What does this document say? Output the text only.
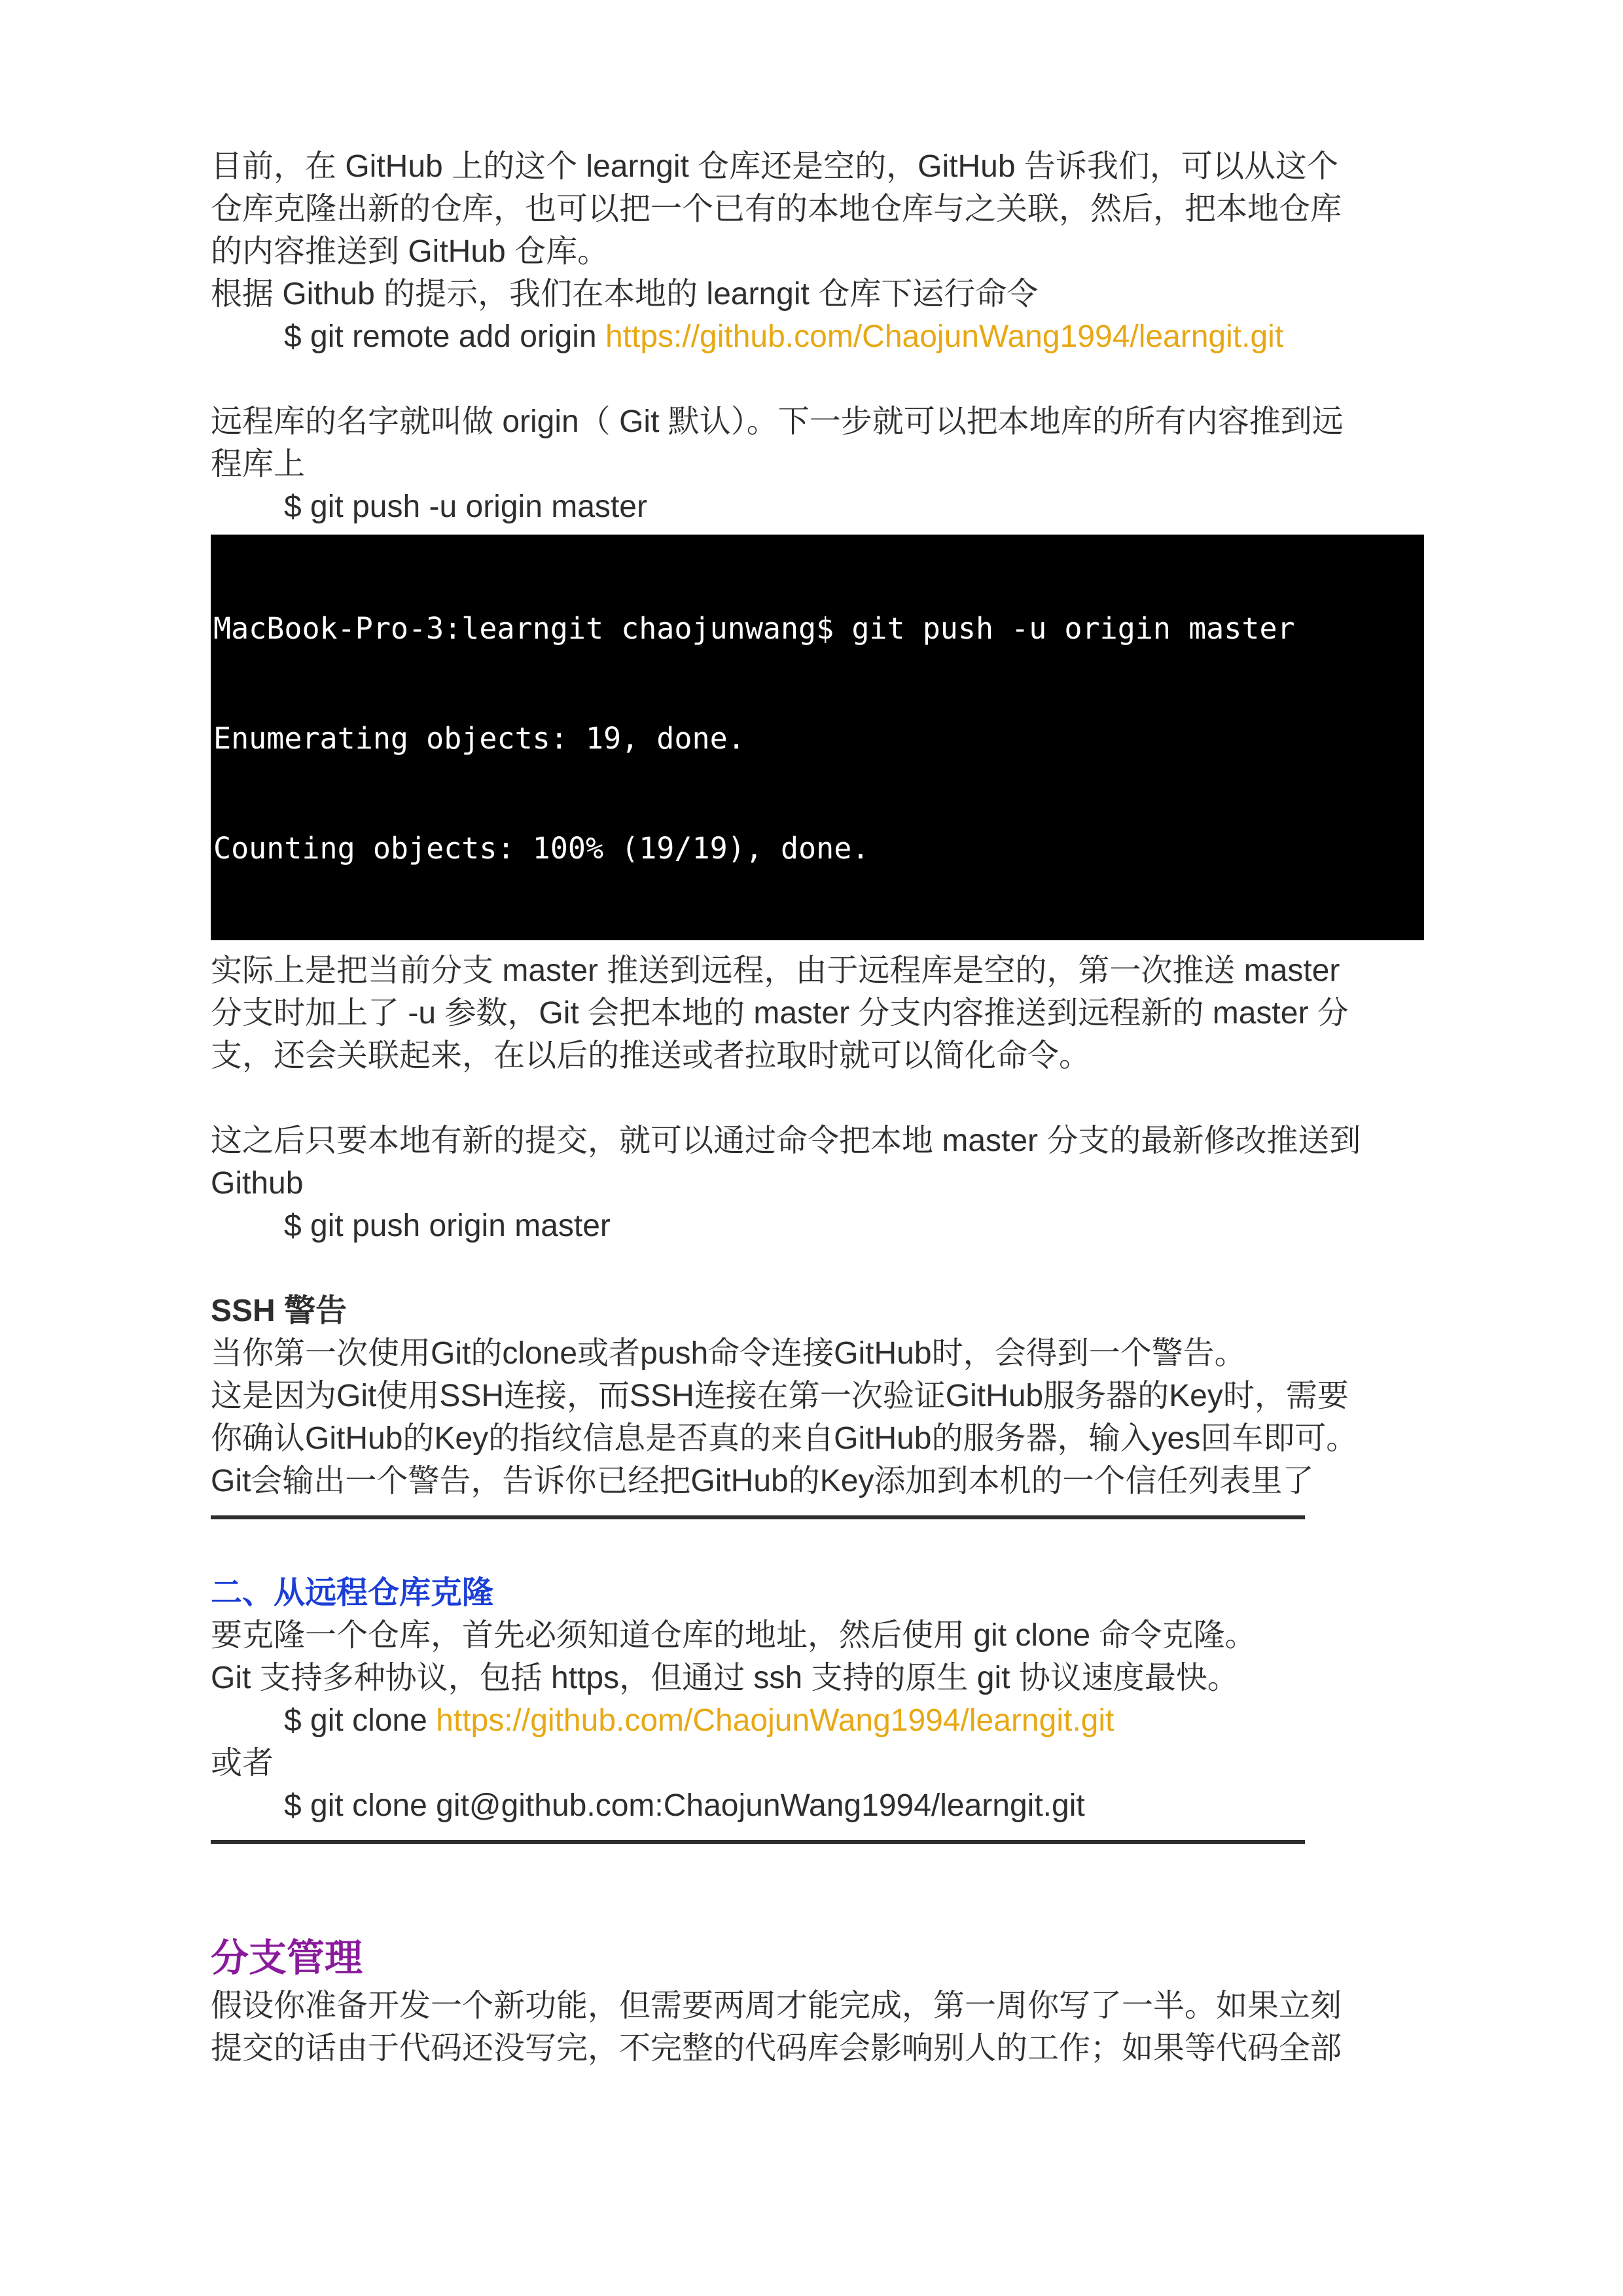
目前，在 GitHub 上的这个 learngit 仓库还是空的，GitHub 告诉我们，可以从这个

仓库克隆出新的仓库，也可以把一个已有的本地仓库与之关联，然后，把本地仓库

的内容推送到 GitHub 仓库。

根据 Github 的提示，我们在本地的 learngit 仓库下运行命令

$ git remote add origin https://github.com/ChaojunWang1994/learngit.git

远程库的名字就叫做 origin（ Git 默认）。下一步就可以把本地库的所有内容推到远

程库上

$ git push -u origin master

MacBook-Pro-3:learngit chaojunwang$ git push -u origin master

Enumerating objects: 19, done.

Counting objects: 100% (19/19), done.

实际上是把当前分支 master 推送到远程，由于远程库是空的，第一次推送 master

分支时加上了 -u 参数，Git 会把本地的 master 分支内容推送到远程新的 master 分

支，还会关联起来，在以后的推送或者拉取时就可以简化命令。

这之后只要本地有新的提交，就可以通过命令把本地 master 分支的最新修改推送到

Github

$ git push origin master

SSH 警告

当你第一次使用Git的clone或者push命令连接GitHub时，会得到一个警告。

这是因为Git使用SSH连接，而SSH连接在第一次验证GitHub服务器的Key时，需要

你确认GitHub的Key的指纹信息是否真的来自GitHub的服务器，输入yes回车即可。

Git会输出一个警告，告诉你已经把GitHub的Key添加到本机的一个信任列表里了

二、从远程仓库克隆

要克隆一个仓库，首先必须知道仓库的地址，然后使用 git clone 命令克隆。

Git 支持多种协议，包括 https，但通过 ssh 支持的原生 git 协议速度最快。

$ git clone https://github.com/ChaojunWang1994/learngit.git

或者

$ git clone git@github.com:ChaojunWang1994/learngit.git

分支管理

假设你准备开发一个新功能，但需要两周才能完成，第一周你写了一半。如果立刻

提交的话由于代码还没写完，不完整的代码库会影响别人的工作；如果等代码全部
